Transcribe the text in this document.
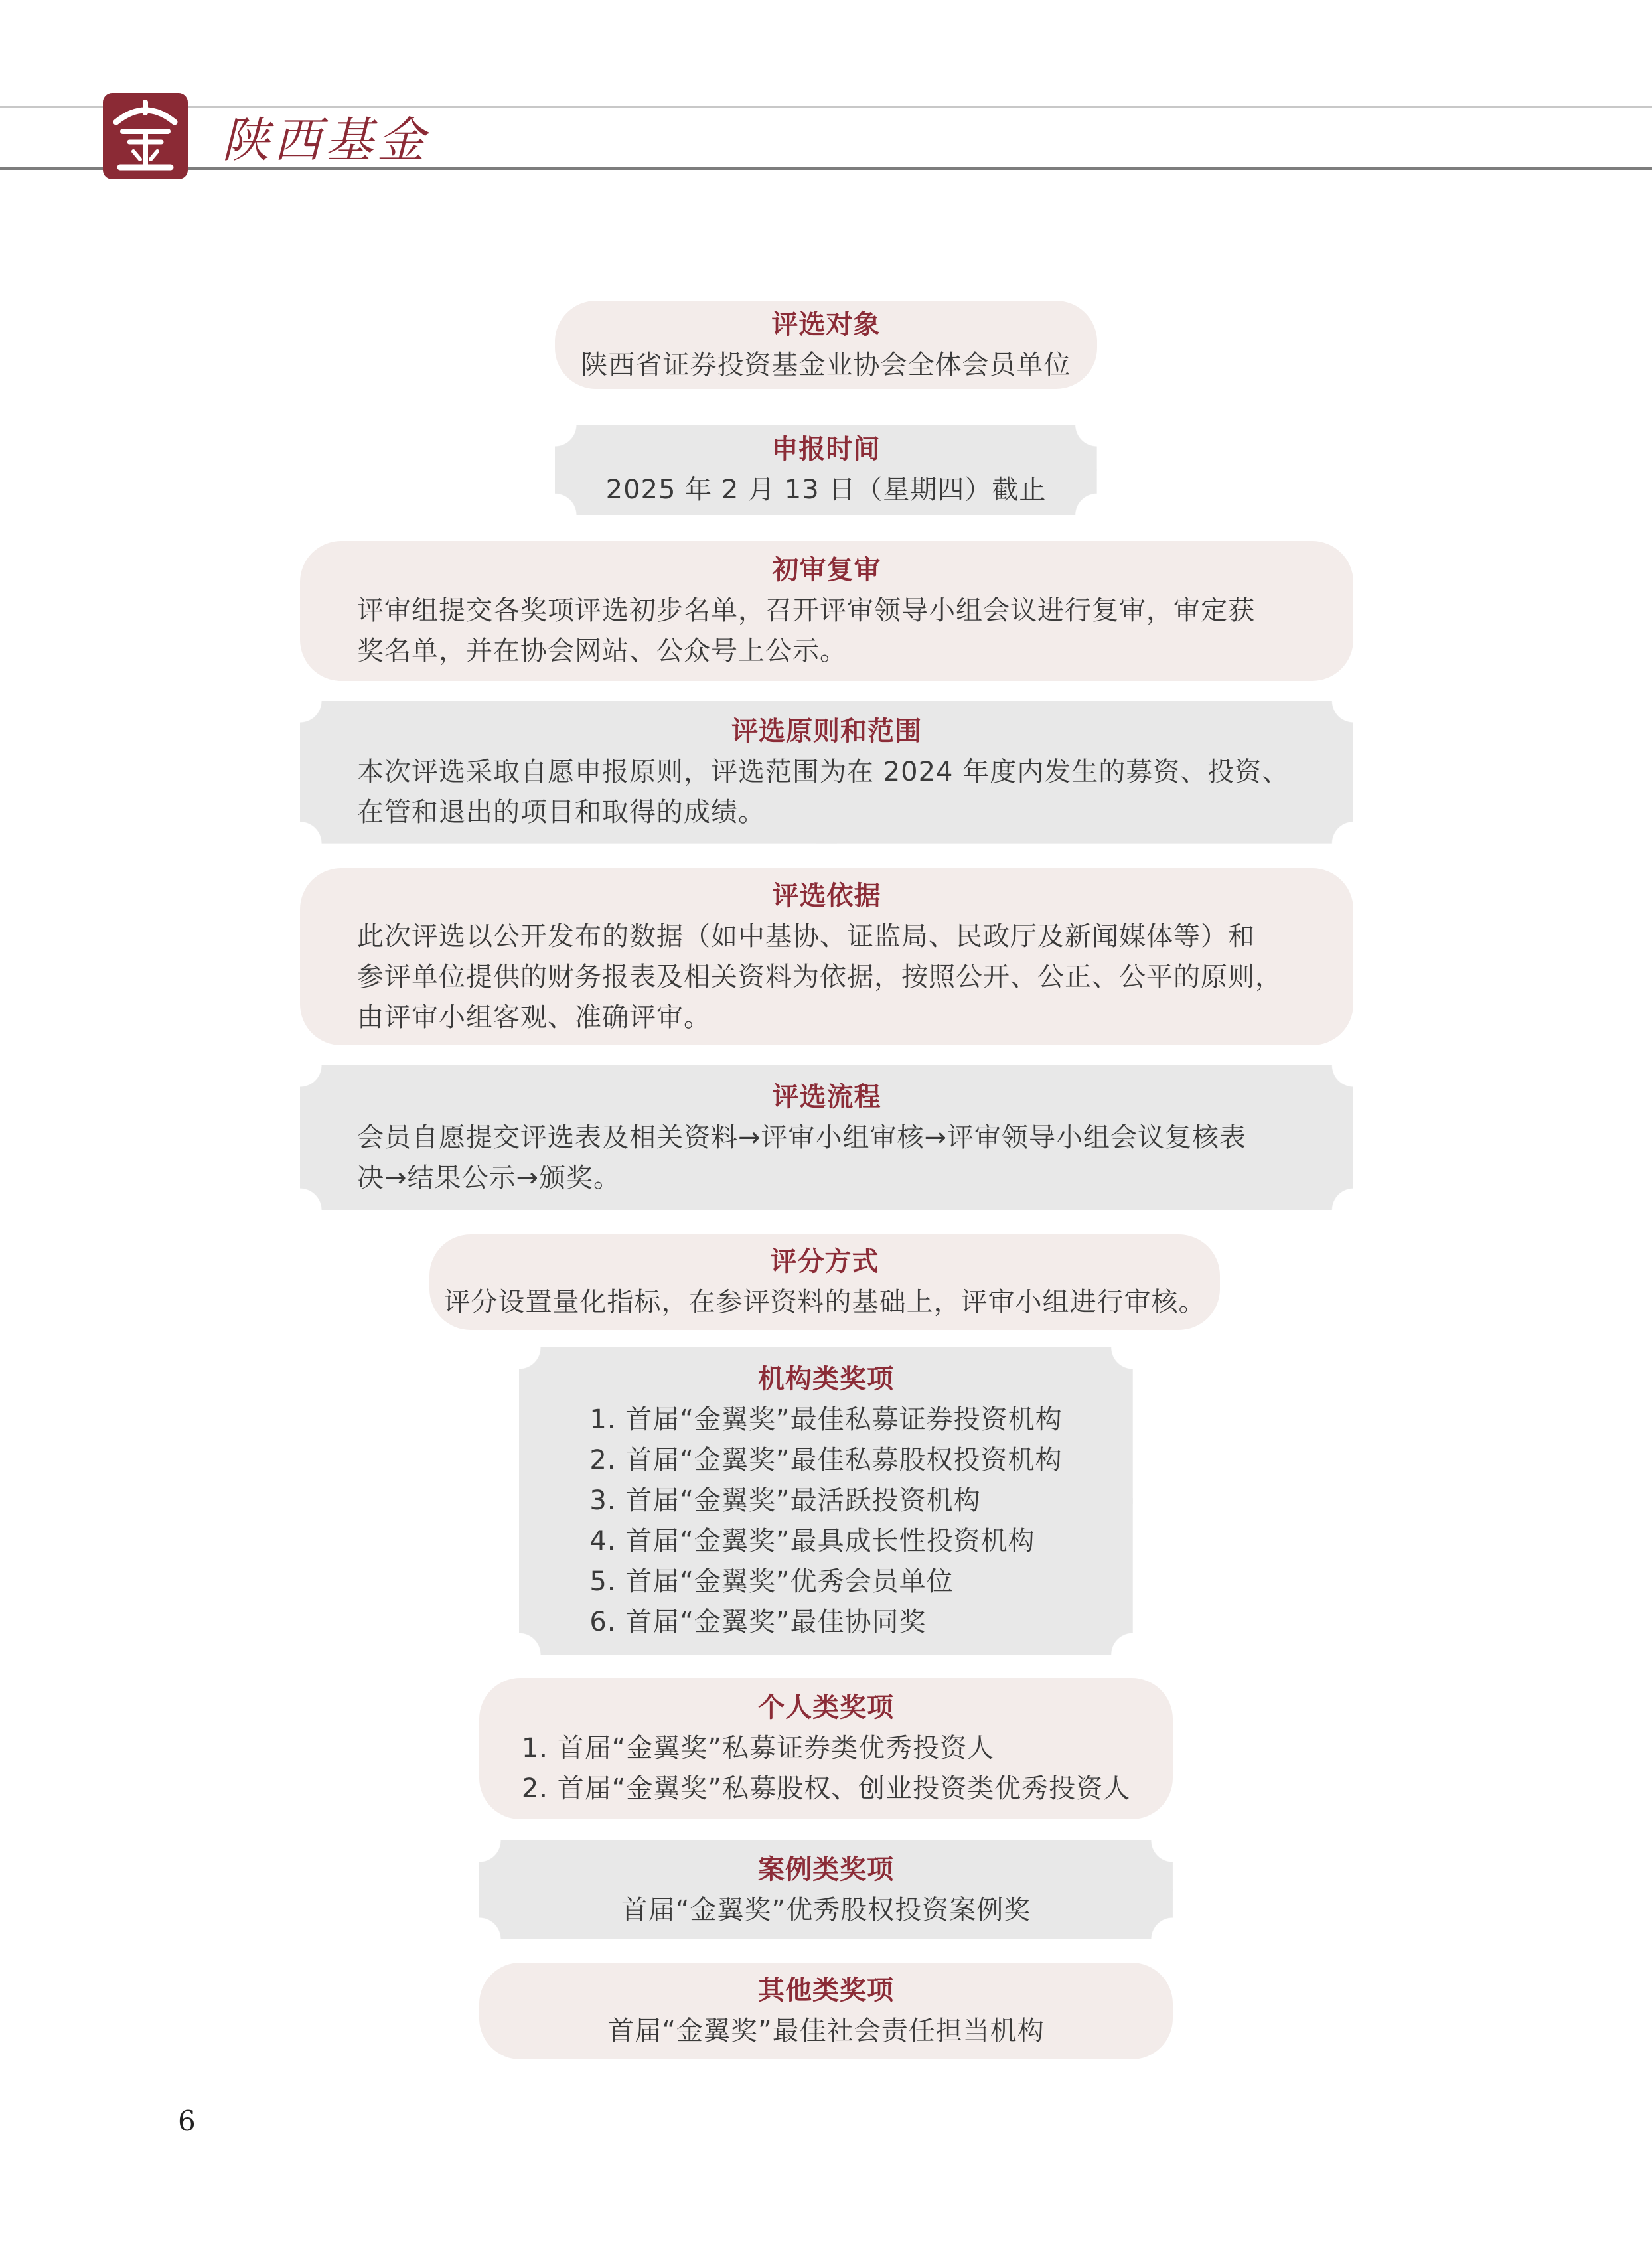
陕西基金
评选对象
陕西省证券投资基金业协会全体会员单位
申报时间
2025 年 2 月 13 日（星期四）截止
初审复审
评审组提交各奖项评选初步名单，召开评审领导小组会议进行复审，审定获
奖名单，并在协会网站、公众号上公示。
评选原则和范围
本次评选采取自愿申报原则，评选范围为在 2024 年度内发生的募资、投资、
在管和退出的项目和取得的成绩。
评选依据
此次评选以公开发布的数据（如中基协、证监局、民政厅及新闻媒体等）和
参评单位提供的财务报表及相关资料为依据，按照公开、公正、公平的原则，
由评审小组客观、准确评审。
评选流程
会员自愿提交评选表及相关资料→评审小组审核→评审领导小组会议复核表
决→结果公示→颁奖。
评分方式
评分设置量化指标，在参评资料的基础上，评审小组进行审核。
机构类奖项
1. 首届“金翼奖”最佳私募证券投资机构
2. 首届“金翼奖”最佳私募股权投资机构
3. 首届“金翼奖”最活跃投资机构
4. 首届“金翼奖”最具成长性投资机构
5. 首届“金翼奖”优秀会员单位
6. 首届“金翼奖”最佳协同奖
个人类奖项
1. 首届“金翼奖”私募证券类优秀投资人
2. 首届“金翼奖”私募股权、创业投资类优秀投资人
案例类奖项
首届“金翼奖”优秀股权投资案例奖
其他类奖项
首届“金翼奖”最佳社会责任担当机构
6
